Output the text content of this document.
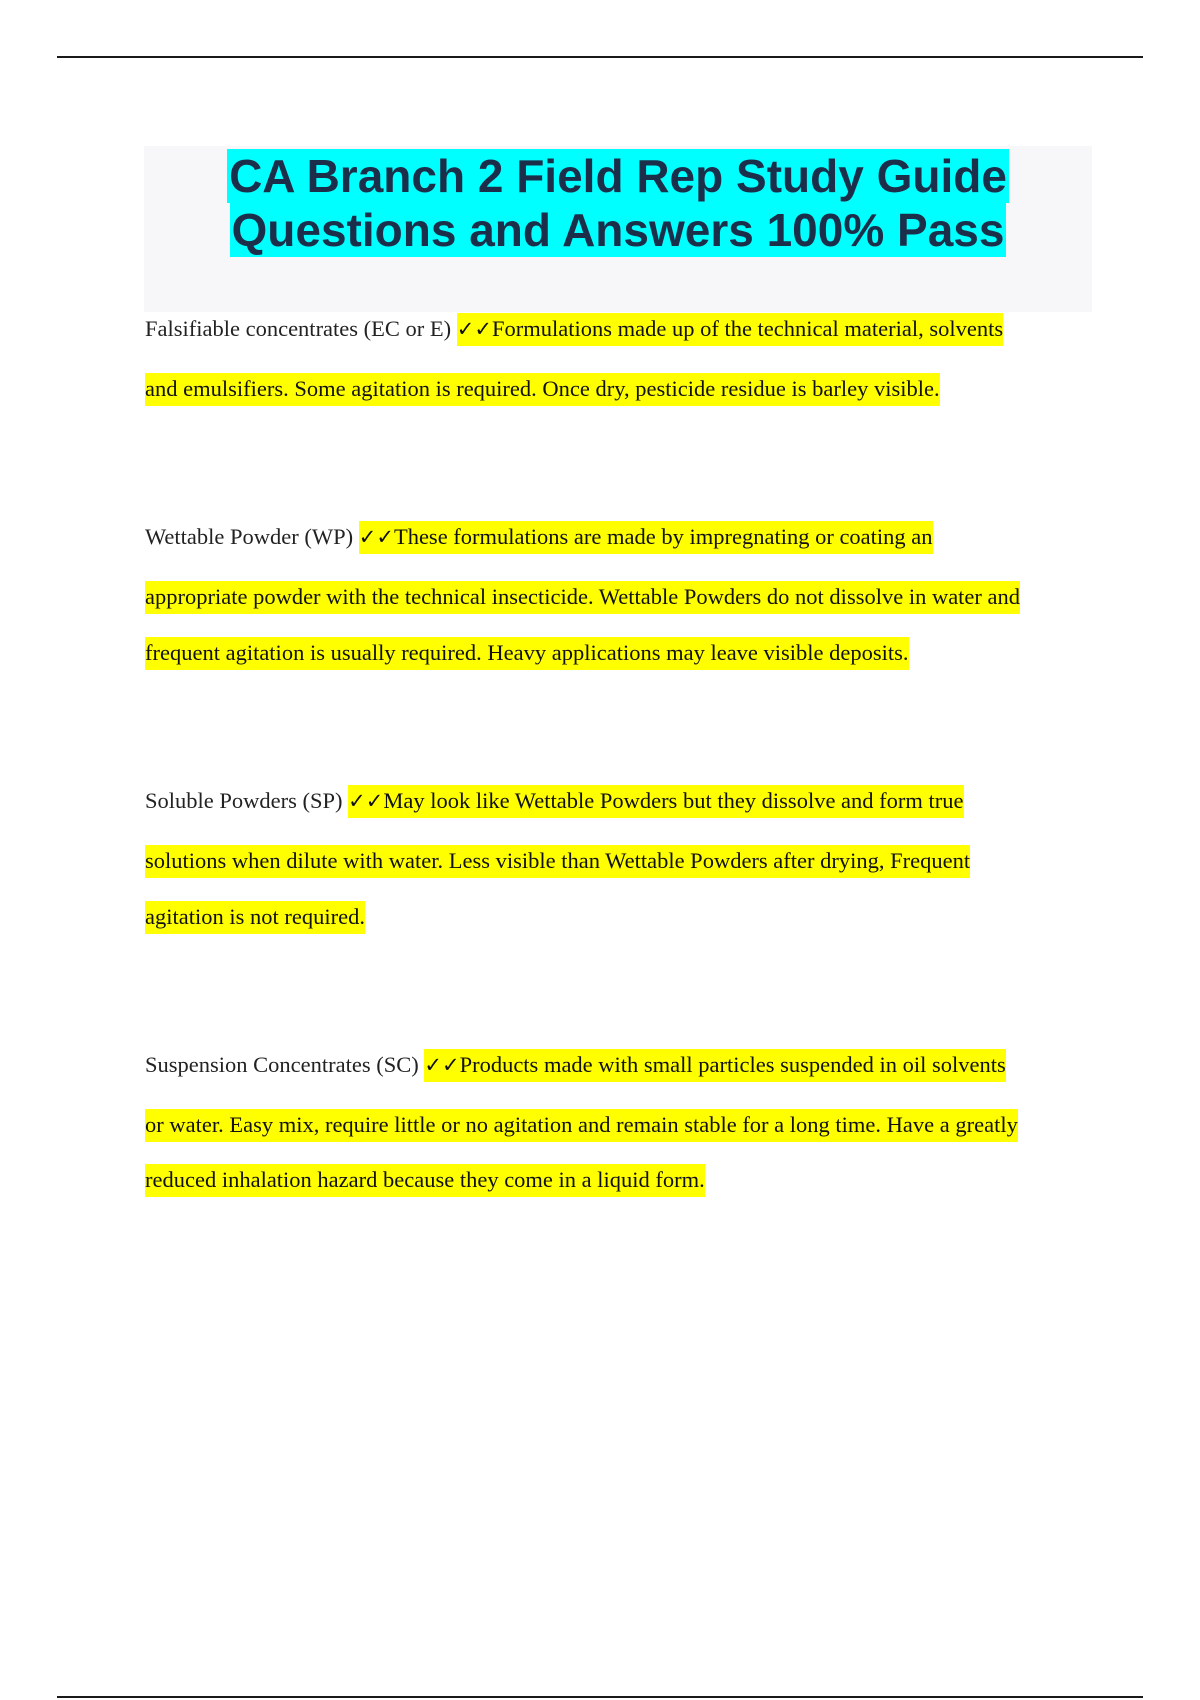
CA Branch 2 Field Rep Study Guide
Questions and Answers 100% Pass
Falsifiable concentrates (EC or E) ✓✓Formulations made up of the technical material, solvents
and emulsifiers. Some agitation is required. Once dry, pesticide residue is barley visible.
Wettable Powder (WP) ✓✓These formulations are made by impregnating or coating an
appropriate powder with the technical insecticide. Wettable Powders do not dissolve in water and
frequent agitation is usually required. Heavy applications may leave visible deposits.
Soluble Powders (SP) ✓✓May look like Wettable Powders but they dissolve and form true
solutions when dilute with water. Less visible than Wettable Powders after drying, Frequent
agitation is not required.
Suspension Concentrates (SC) ✓✓Products made with small particles suspended in oil solvents
or water. Easy mix, require little or no agitation and remain stable for a long time. Have a greatly
reduced inhalation hazard because they come in a liquid form.
